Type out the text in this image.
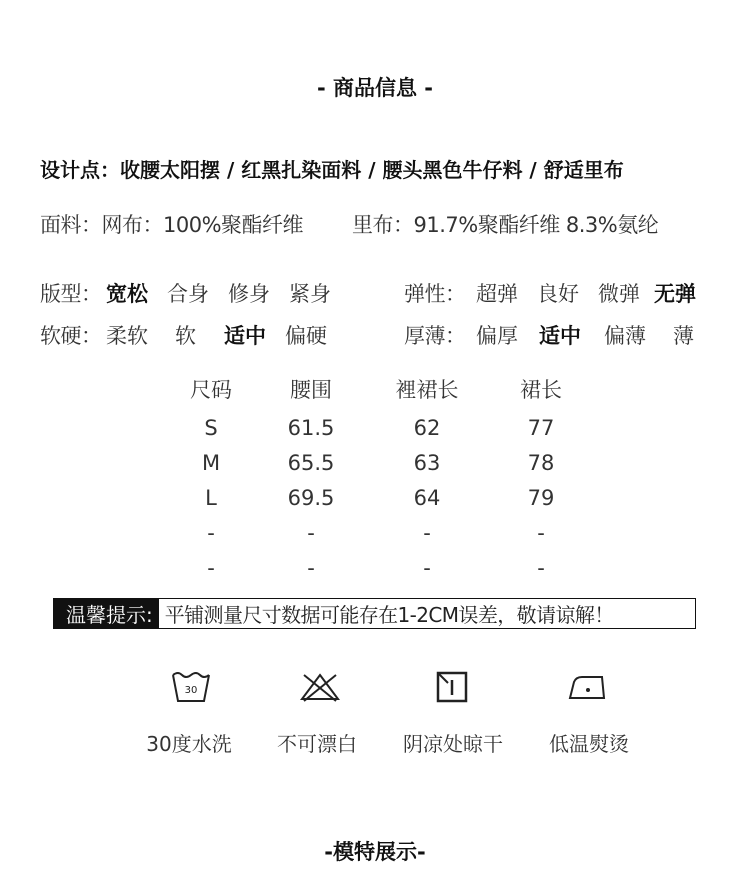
- 商品信息 -
设计点：收腰太阳摆 / 红黑扎染面料 / 腰头黑色牛仔料 / 舒适里布
面料：网布：100%聚酯纤维 里布：91.7%聚酯纤维 8.3%氨纶
版型： 宽松 合身 修身 紧身	弹性： 超弹 良好 微弹 无弹
软硬： 柔软 软 适中 偏硬	厚薄： 偏厚 适中 偏薄 薄
尺码	腰围	裡裙长	裙长
S	61.5	62	77
M	65.5	63	78
L	69.5	64	79
-	-	-	-
-	-	-	-
温馨提示: 平铺测量尺寸数据可能存在1-2CM误差，敬请谅解！
30
30度水洗	不可漂白	阴凉处晾干	低温熨烫
-模特展示-
